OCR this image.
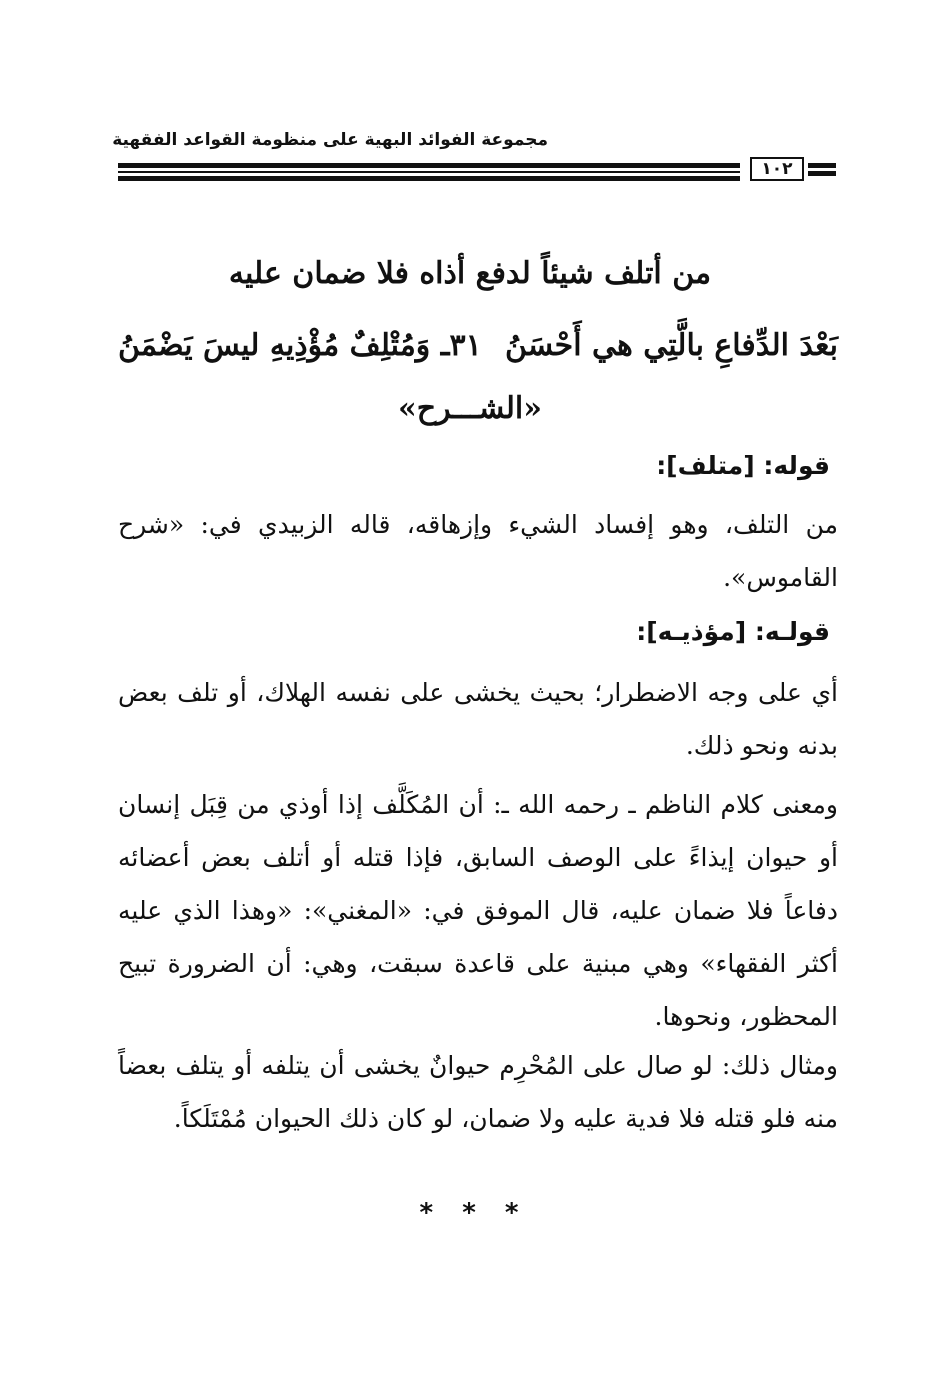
مجموعة الفوائد البهية على منظومة القواعد الفقهية
١٠٢
من أتلف شيئاً لدفع أذاه فلا ضمان عليه
٣١ـ وَمُتْلِفٌ مُؤْذِيهِ ليسَ يَضْمَنُ بَعْدَ الدِّفاعِ بالَّتِي هي أَحْسَنُ
«الشـــرح»
قوله: [متلف]:

من التلف، وهو إفساد الشيء وإزهاقه، قاله الزبيدي في: «شرح القاموس».

قولـه: [مؤذيـه]:

أي على وجه الاضطرار؛ بحيث يخشى على نفسه الهلاك، أو تلف بعض بدنه ونحو ذلك.

ومعنى كلام الناظم ـ رحمه الله ـ: أن المُكَلَّف إذا أوذي من قِبَل إنسان أو حيوان إيذاءً على الوصف السابق، فإذا قتله أو أتلف بعض أعضائه دفاعاً فلا ضمان عليه، قال الموفق في: «المغني»: «وهذا الذي عليه أكثر الفقهاء» وهي مبنية على قاعدة سبقت، وهي: أن الضرورة تبيح المحظور، ونحوها.

ومثال ذلك: لو صال على المُحْرِم حيوانٌ يخشى أن يتلفه أو يتلف بعضاً منه فلو قتله فلا فدية عليه ولا ضمان، لو كان ذلك الحيوان مُمْتَلَكاً.

* * *
